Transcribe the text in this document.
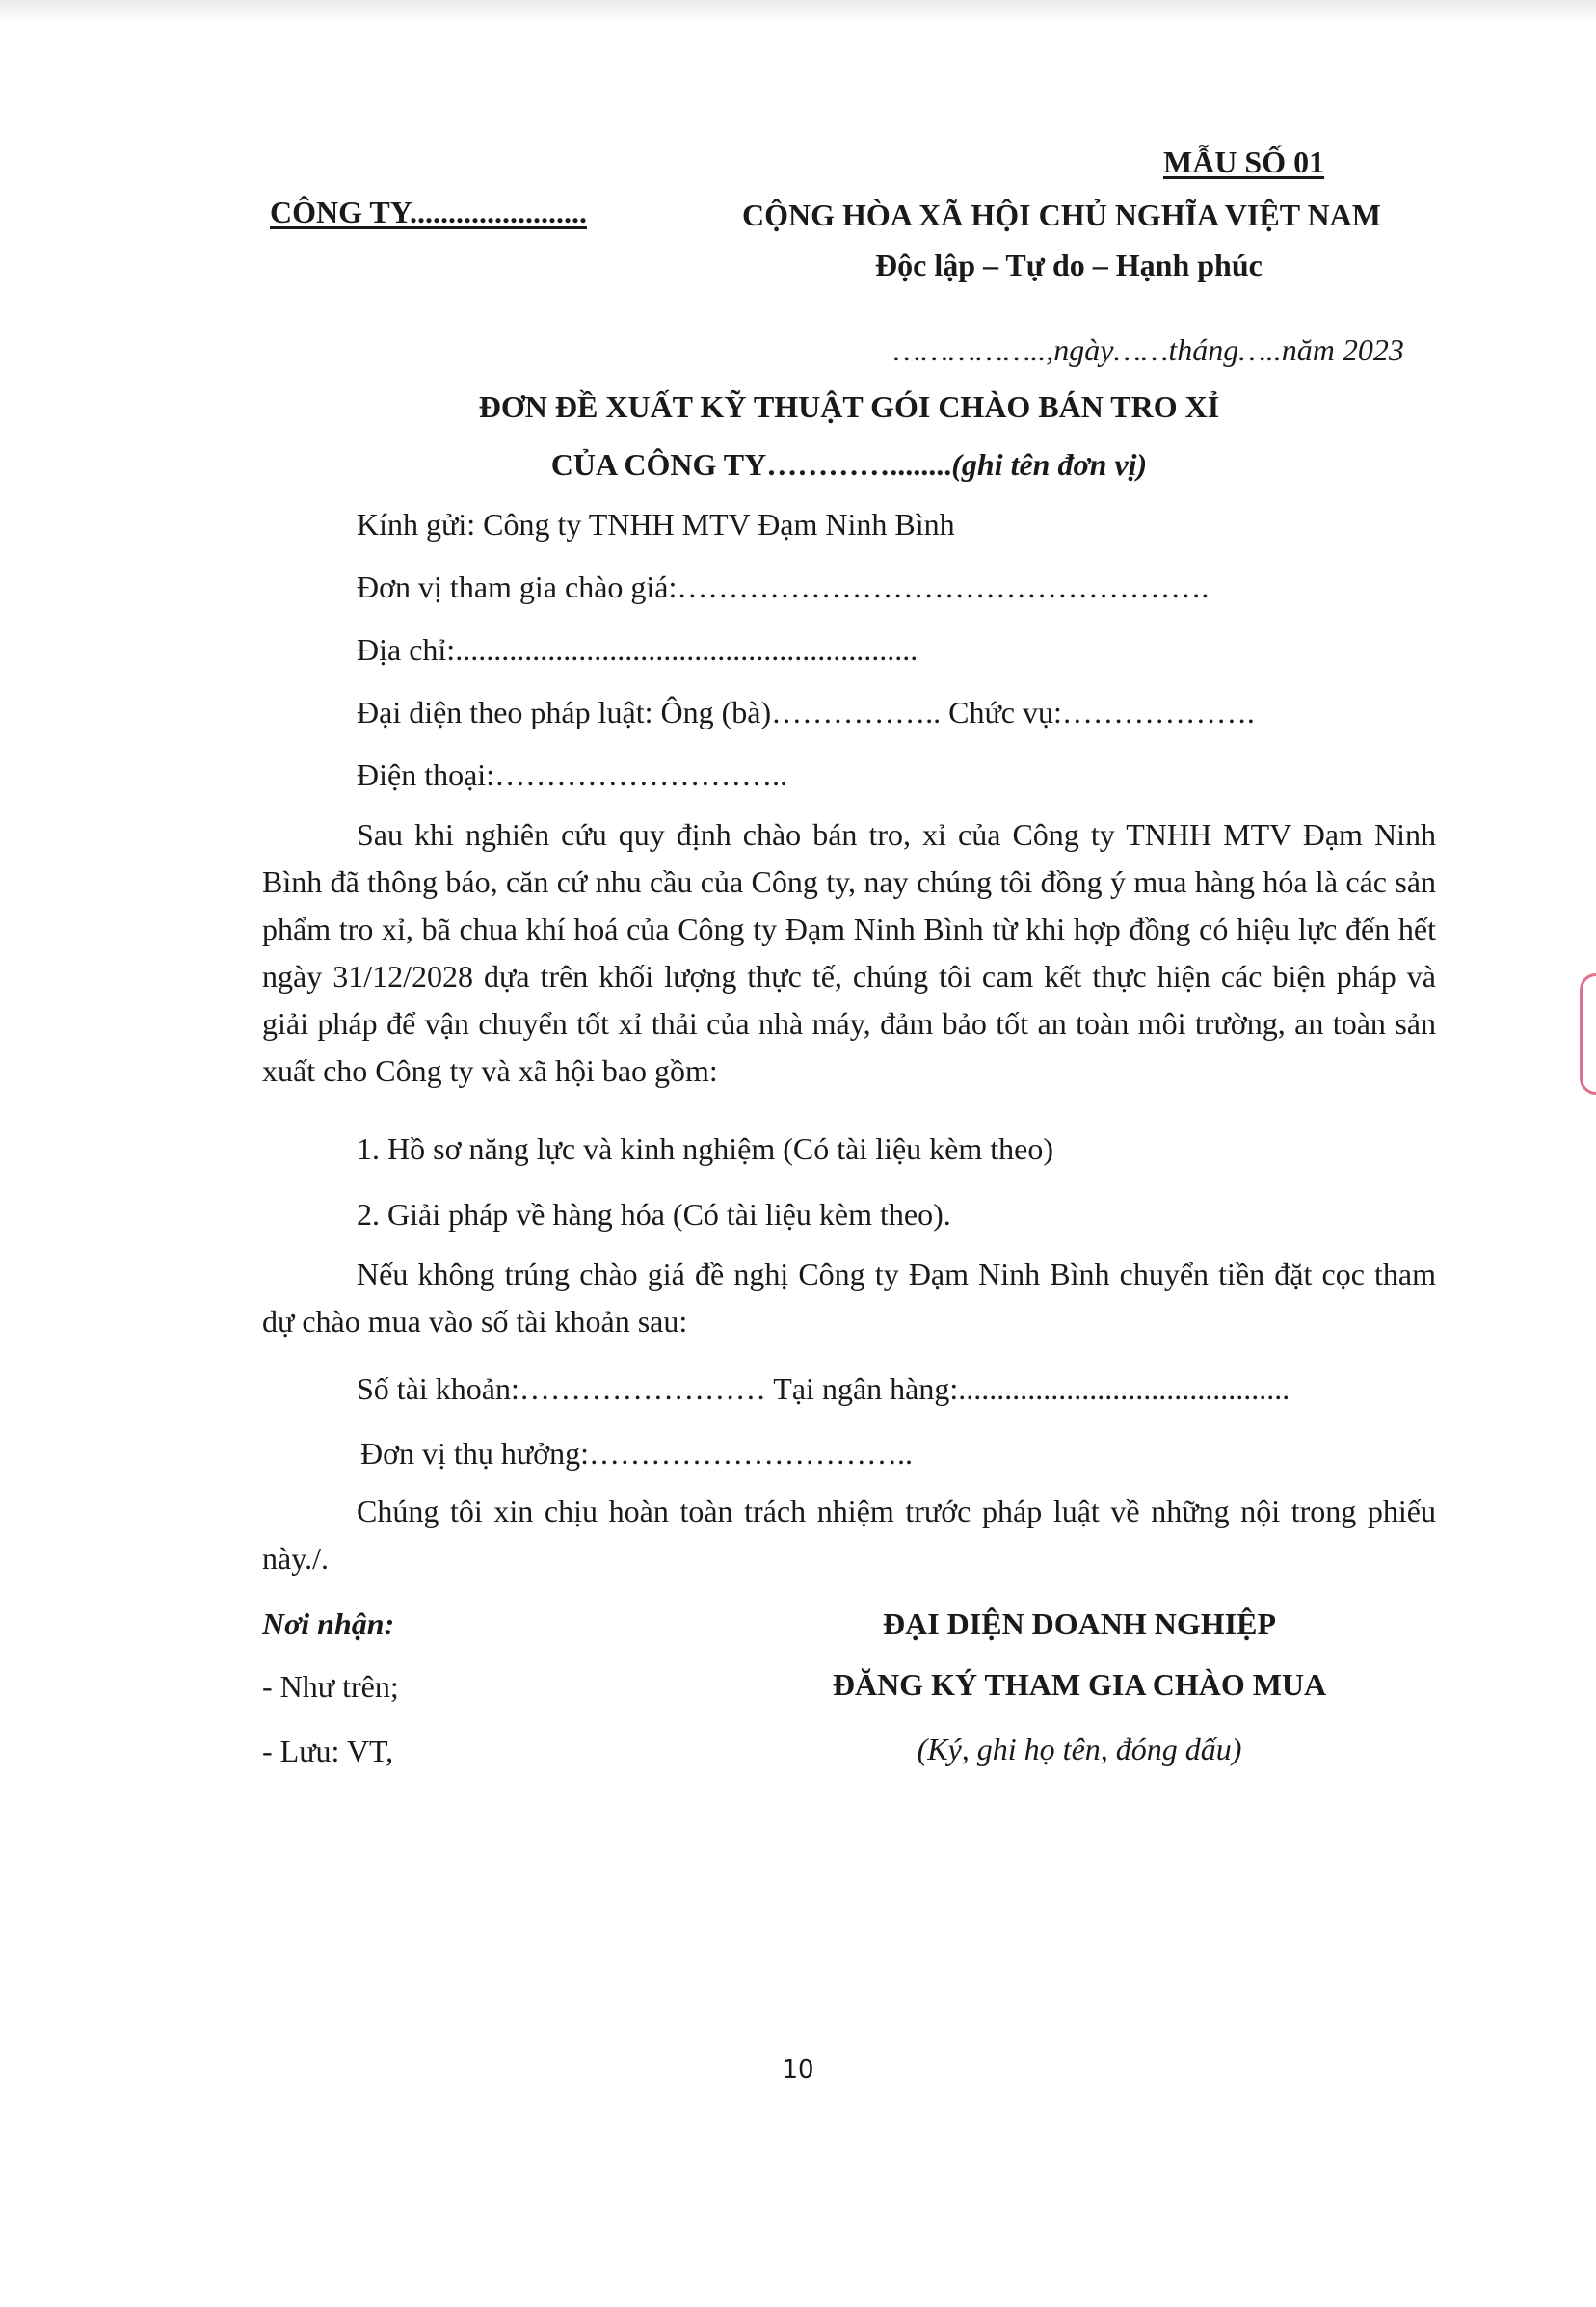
MẪU SỐ 01
CÔNG TY.......................	CỘNG HÒA XÃ HỘI CHỦ NGHĨA VIỆT NAM
Độc lập – Tự do – Hạnh phúc
……………..,ngày……tháng…..năm 2023
ĐƠN ĐỀ XUẤT KỸ THUẬT GÓI CHÀO BÁN TRO XỈ
CỦA CÔNG TY…………........(ghi tên đơn vị)
Kính gửi: Công ty TNHH MTV Đạm Ninh Bình
Đơn vị tham gia chào giá:…………………………………………….
Địa chỉ:............................................................
Đại diện theo pháp luật: Ông (bà)…………….. Chức vụ:……………….
Điện thoại:………………………..
Sau khi nghiên cứu quy định chào bán tro, xỉ của Công ty TNHH MTV Đạm Ninh Bình đã thông báo, căn cứ nhu cầu của Công ty, nay chúng tôi đồng ý mua hàng hóa là các sản phẩm tro xỉ, bã chua khí hoá của Công ty Đạm Ninh Bình từ khi hợp đồng có hiệu lực đến hết ngày 31/12/2028 dựa trên khối lượng thực tế, chúng tôi cam kết thực hiện các biện pháp và giải pháp để vận chuyển tốt xỉ thải của nhà máy, đảm bảo tốt an toàn môi trường, an toàn sản xuất cho Công ty và xã hội bao gồm:
1. Hồ sơ năng lực và kinh nghiệm (Có tài liệu kèm theo)
2. Giải pháp về hàng hóa (Có tài liệu kèm theo).
Nếu không trúng chào giá đề nghị Công ty Đạm Ninh Bình chuyển tiền đặt cọc tham dự chào mua vào số tài khoản sau:
Số tài khoản:…………………… Tại ngân hàng:...........................................
Đơn vị thụ hưởng:…………………………..
Chúng tôi xin chịu hoàn toàn trách nhiệm trước pháp luật về những nội trong phiếu này./.
Nơi nhận:
- Như trên;
- Lưu: VT,
ĐẠI DIỆN DOANH NGHIỆP
ĐĂNG KÝ THAM GIA CHÀO MUA
(Ký, ghi họ tên, đóng dấu)
10
